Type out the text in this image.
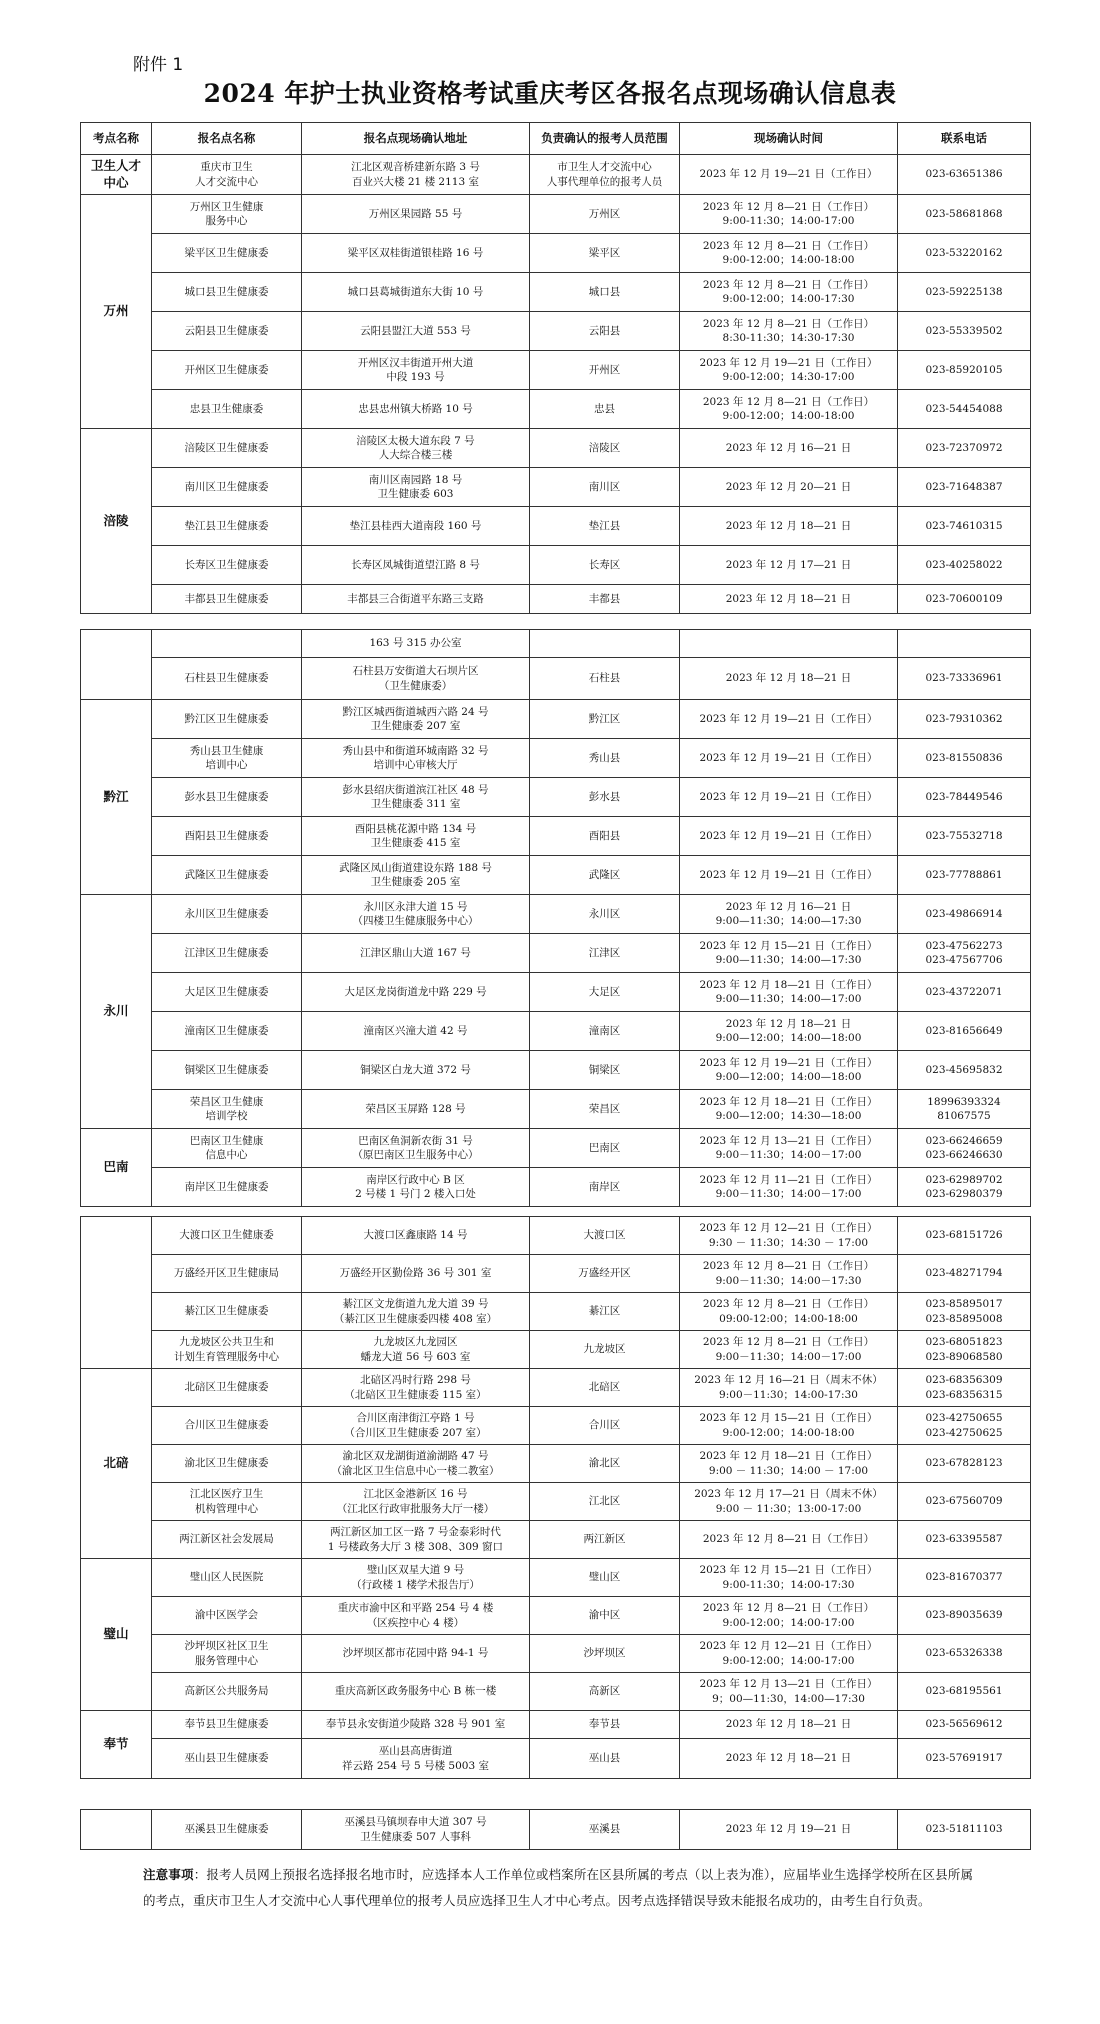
附件 1
2024 年护士执业资格考试重庆考区各报名点现场确认信息表
考点名称	报名点名称	报名点现场确认地址	负责确认的报考人员范围	现场确认时间	联系电话
卫生人才
中心	重庆市卫生
人才交流中心	江北区观音桥建新东路 3 号
百业兴大楼 21 楼 2113 室	市卫生人才交流中心
人事代理单位的报考人员	2023 年 12 月 19—21 日（工作日）	023-63651386
万州	万州区卫生健康
服务中心	万州区果园路 55 号	万州区	2023 年 12 月 8—21 日（工作日）
9:00-11:30；14:00-17:00	023-58681868
	梁平区卫生健康委	梁平区双桂街道银桂路 16 号	梁平区	2023 年 12 月 8—21 日（工作日）
9:00-12:00；14:00-18:00	023-53220162
	城口县卫生健康委	城口县葛城街道东大街 10 号	城口县	2023 年 12 月 8—21 日（工作日）
9:00-12:00；14:00-17:30	023-59225138
	云阳县卫生健康委	云阳县盟江大道 553 号	云阳县	2023 年 12 月 8—21 日（工作日）
8:30-11:30；14:30-17:30	023-55339502
	开州区卫生健康委	开州区汉丰街道开州大道
中段 193 号	开州区	2023 年 12 月 19—21 日（工作日）
9:00-12:00；14:30-17:00	023-85920105
	忠县卫生健康委	忠县忠州镇大桥路 10 号	忠县	2023 年 12 月 8—21 日（工作日）
9:00-12:00；14:00-18:00	023-54454088
涪陵	涪陵区卫生健康委	涪陵区太极大道东段 7 号
人大综合楼三楼	涪陵区	2023 年 12 月 16—21 日	023-72370972
	南川区卫生健康委	南川区南园路 18 号
卫生健康委 603	南川区	2023 年 12 月 20—21 日	023-71648387
	垫江县卫生健康委	垫江县桂西大道南段 160 号	垫江县	2023 年 12 月 18—21 日	023-74610315
	长寿区卫生健康委	长寿区凤城街道望江路 8 号	长寿区	2023 年 12 月 17—21 日	023-40258022
	丰都县卫生健康委	丰都县三合街道平东路三支路	丰都县	2023 年 12 月 18—21 日	023-70600109
		163 号 315 办公室			
	石柱县卫生健康委	石柱县万安街道大石坝片区
（卫生健康委）	石柱县	2023 年 12 月 18—21 日	023-73336961
黔江	黔江区卫生健康委	黔江区城西街道城西六路 24 号
卫生健康委 207 室	黔江区	2023 年 12 月 19—21 日（工作日）	023-79310362
	秀山县卫生健康
培训中心	秀山县中和街道环城南路 32 号
培训中心审核大厅	秀山县	2023 年 12 月 19—21 日（工作日）	023-81550836
	彭水县卫生健康委	彭水县绍庆街道滨江社区 48 号
卫生健康委 311 室	彭水县	2023 年 12 月 19—21 日（工作日）	023-78449546
	酉阳县卫生健康委	酉阳县桃花源中路 134 号
卫生健康委 415 室	酉阳县	2023 年 12 月 19—21 日（工作日）	023-75532718
	武隆区卫生健康委	武隆区凤山街道建设东路 188 号
卫生健康委 205 室	武隆区	2023 年 12 月 19—21 日（工作日）	023-77788861
永川	永川区卫生健康委	永川区永津大道 15 号
（四楼卫生健康服务中心）	永川区	2023 年 12 月 16—21 日
9:00—11:30；14:00—17:30	023-49866914
	江津区卫生健康委	江津区鼎山大道 167 号	江津区	2023 年 12 月 15—21 日（工作日）
9:00—11:30；14:00—17:30	023-47562273
023-47567706
	大足区卫生健康委	大足区龙岗街道龙中路 229 号	大足区	2023 年 12 月 18—21 日（工作日）
9:00—11:30；14:00—17:00	023-43722071
	潼南区卫生健康委	潼南区兴潼大道 42 号	潼南区	2023 年 12 月 18—21 日
9:00—12:00；14:00—18:00	023-81656649
	铜梁区卫生健康委	铜梁区白龙大道 372 号	铜梁区	2023 年 12 月 19—21 日（工作日）
9:00—12:00；14:00—18:00	023-45695832
	荣昌区卫生健康
培训学校	荣昌区玉屏路 128 号	荣昌区	2023 年 12 月 18—21 日（工作日）
9:00—12:00；14:30—18:00	18996393324
81067575
巴南	巴南区卫生健康
信息中心	巴南区鱼洞新农街 31 号
（原巴南区卫生服务中心）	巴南区	2023 年 12 月 13—21 日（工作日）
9:00－11:30；14:00－17:00	023-66246659
023-66246630
	南岸区卫生健康委	南岸区行政中心 B 区
2 号楼 1 号门 2 楼入口处	南岸区	2023 年 12 月 11—21 日（工作日）
9:00－11:30；14:00－17:00	023-62989702
023-62980379
	大渡口区卫生健康委	大渡口区鑫康路 14 号	大渡口区	2023 年 12 月 12—21 日（工作日）
9:30 － 11:30；14:30 － 17:00	023-68151726
	万盛经开区卫生健康局	万盛经开区勤俭路 36 号 301 室	万盛经开区	2023 年 12 月 8—21 日（工作日）
9:00－11:30；14:00－17:30	023-48271794
	綦江区卫生健康委	綦江区文龙街道九龙大道 39 号
（綦江区卫生健康委四楼 408 室）	綦江区	2023 年 12 月 8—21 日（工作日）
09:00-12:00；14:00-18:00	023-85895017
023-85895008
	九龙坡区公共卫生和
计划生育管理服务中心	九龙坡区九龙园区
蟠龙大道 56 号 603 室	九龙坡区	2023 年 12 月 8—21 日（工作日）
9:00－11:30；14:00－17:00	023-68051823
023-89068580
北碚	北碚区卫生健康委	北碚区冯时行路 298 号
（北碚区卫生健康委 115 室）	北碚区	2023 年 12 月 16—21 日（周末不休）
9:00－11:30；14:00-17:30	023-68356309
023-68356315
	合川区卫生健康委	合川区南津街江亭路 1 号
（合川区卫生健康委 207 室）	合川区	2023 年 12 月 15—21 日（工作日）
9:00-12:00；14:00-18:00	023-42750655
023-42750625
	渝北区卫生健康委	渝北区双龙湖街道渝湖路 47 号
（渝北区卫生信息中心一楼二教室）	渝北区	2023 年 12 月 18—21 日（工作日）
9:00 － 11:30；14:00 － 17:00	023-67828123
	江北区医疗卫生
机构管理中心	江北区金港新区 16 号
（江北区行政审批服务大厅一楼）	江北区	2023 年 12 月 17—21 日（周末不休）
9:00 － 11:30；13:00-17:00	023-67560709
	两江新区社会发展局	两江新区加工区一路 7 号金泰彩时代
1 号楼政务大厅 3 楼 308、309 窗口	两江新区	2023 年 12 月 8—21 日（工作日）	023-63395587
璧山	璧山区人民医院	璧山区双星大道 9 号
（行政楼 1 楼学术报告厅）	璧山区	2023 年 12 月 15—21 日（工作日）
9:00-11:30；14:00-17:30	023-81670377
	渝中区医学会	重庆市渝中区和平路 254 号 4 楼
（区疾控中心 4 楼）	渝中区	2023 年 12 月 8—21 日（工作日）
9:00-12:00；14:00-17:00	023-89035639
	沙坪坝区社区卫生
服务管理中心	沙坪坝区都市花园中路 94-1 号	沙坪坝区	2023 年 12 月 12—21 日（工作日）
9:00-12:00；14:00-17:00	023-65326338
	高新区公共服务局	重庆高新区政务服务中心 B 栋一楼	高新区	2023 年 12 月 13—21 日（工作日）
9；00—11:30，14:00—17:30	023-68195561
奉节	奉节县卫生健康委	奉节县永安街道少陵路 328 号 901 室	奉节县	2023 年 12 月 18—21 日	023-56569612
	巫山县卫生健康委	巫山县高唐街道
祥云路 254 号 5 号楼 5003 室	巫山县	2023 年 12 月 18—21 日	023-57691917
	巫溪县卫生健康委	巫溪县马镇坝春申大道 307 号
卫生健康委 507 人事科	巫溪县	2023 年 12 月 19—21 日	023-51811103
注意事项：报考人员网上预报名选择报名地市时，应选择本人工作单位或档案所在区县所属的考点（以上表为准），应届毕业生选择学校所在区县所属的考点，重庆市卫生人才交流中心人事代理单位的报考人员应选择卫生人才中心考点。因考点选择错误导致未能报名成功的，由考生自行负责。
